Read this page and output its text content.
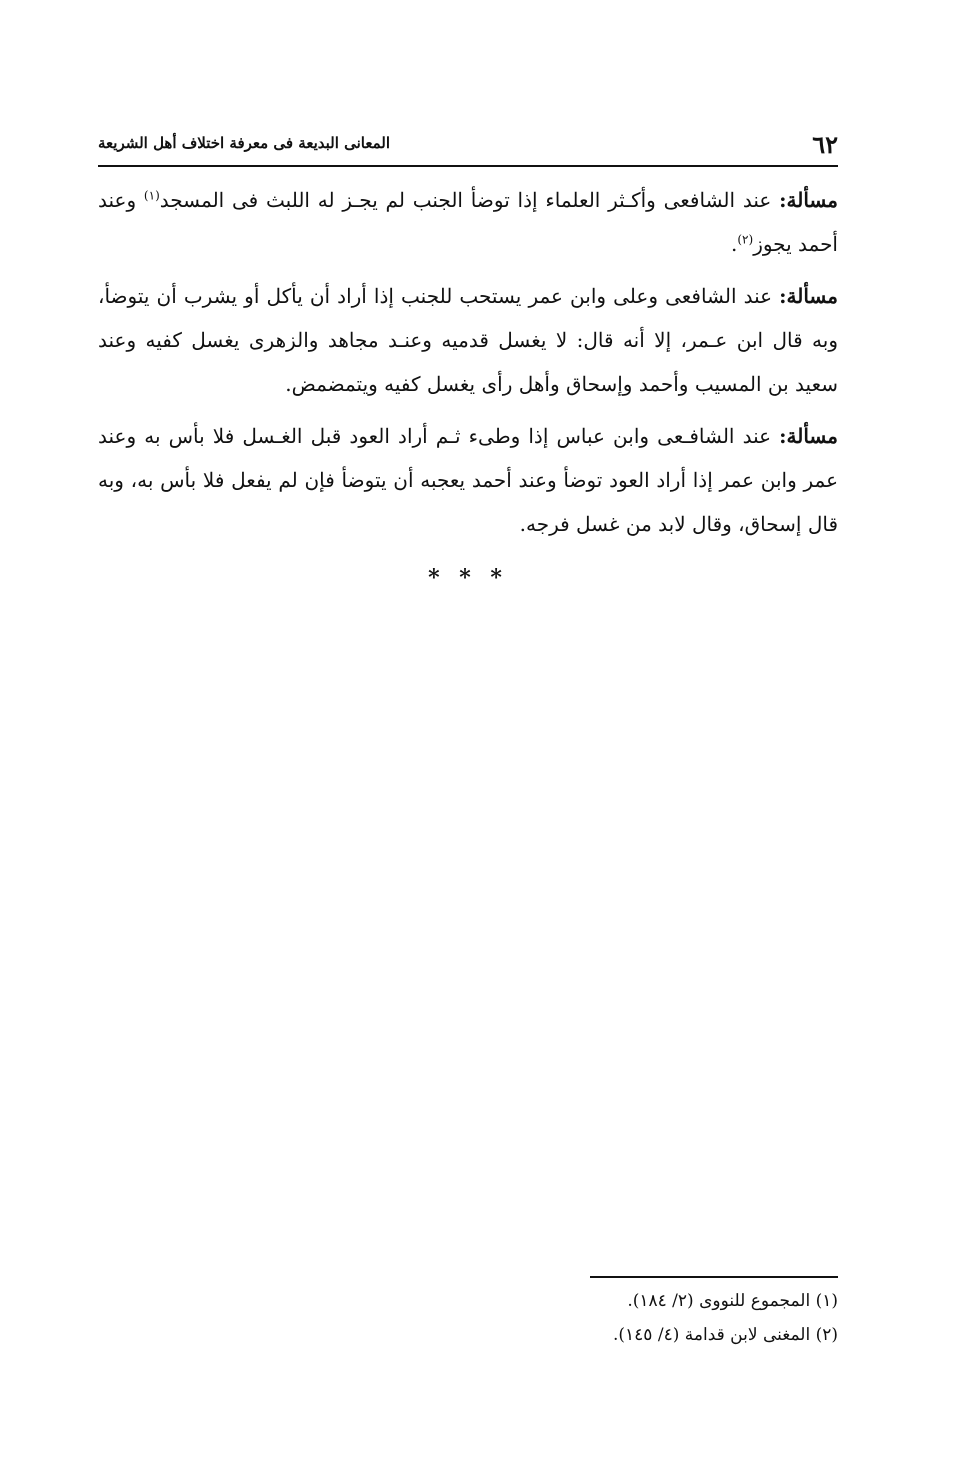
٦٢
المعانى البديعة فى معرفة اختلاف أهل الشريعة

مسألة: عند الشافعى وأكـثر العلماء إذا توضأ الجنب لم يجـز له اللبث فى المسجد$^{(١)}$ وعند أحمد يجوز$^{(٢)}$.

مسألة: عند الشافعى وعلى وابن عمر يستحب للجنب إذا أراد أن يأكل أو يشرب أن يتوضأ، وبه قال ابن عـمر، إلا أنه قال: لا يغسل قدميه وعنـد مجاهد والزهرى يغسل كفيه وعند سعيد بن المسيب وأحمد وإسحاق وأهل رأى يغسل كفيه ويتمضمض.

مسألة: عند الشافـعى وابن عباس إذا وطىء ثـم أراد العود قبل الغـسل فلا بأس به وعند عمر وابن عمر إذا أراد العود توضأ وعند أحمد يعجبه أن يتوضأ فإن لم يفعل فلا بأس به، وبه قال إسحاق، وقال لابد من غسل فرجه.

* * *
(١) المجموع للنووى (٢/ ١٨٤).
(٢) المغنى لابن قدامة (٤/ ١٤٥).
